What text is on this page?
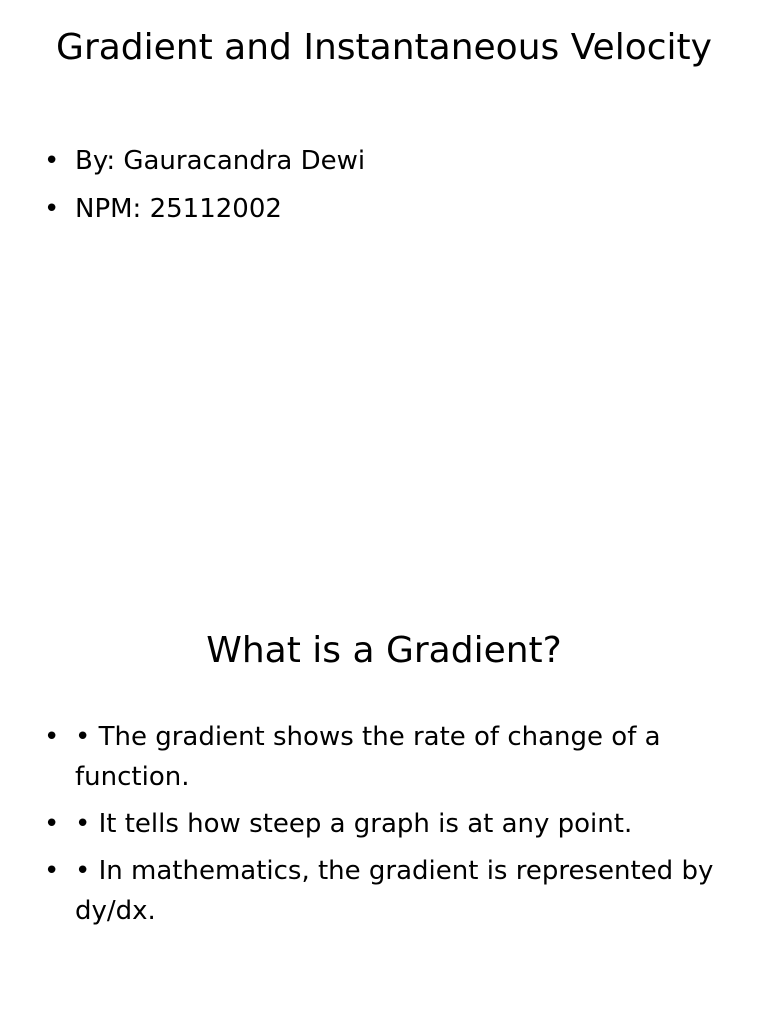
Gradient and Instantaneous Velocity
• By: Gauracandra Dewi
• NPM: 25112002
What is a Gradient?
• • The gradient shows the rate of change of a function.
• • It tells how steep a graph is at any point.
• • In mathematics, the gradient is represented by dy/dx.
